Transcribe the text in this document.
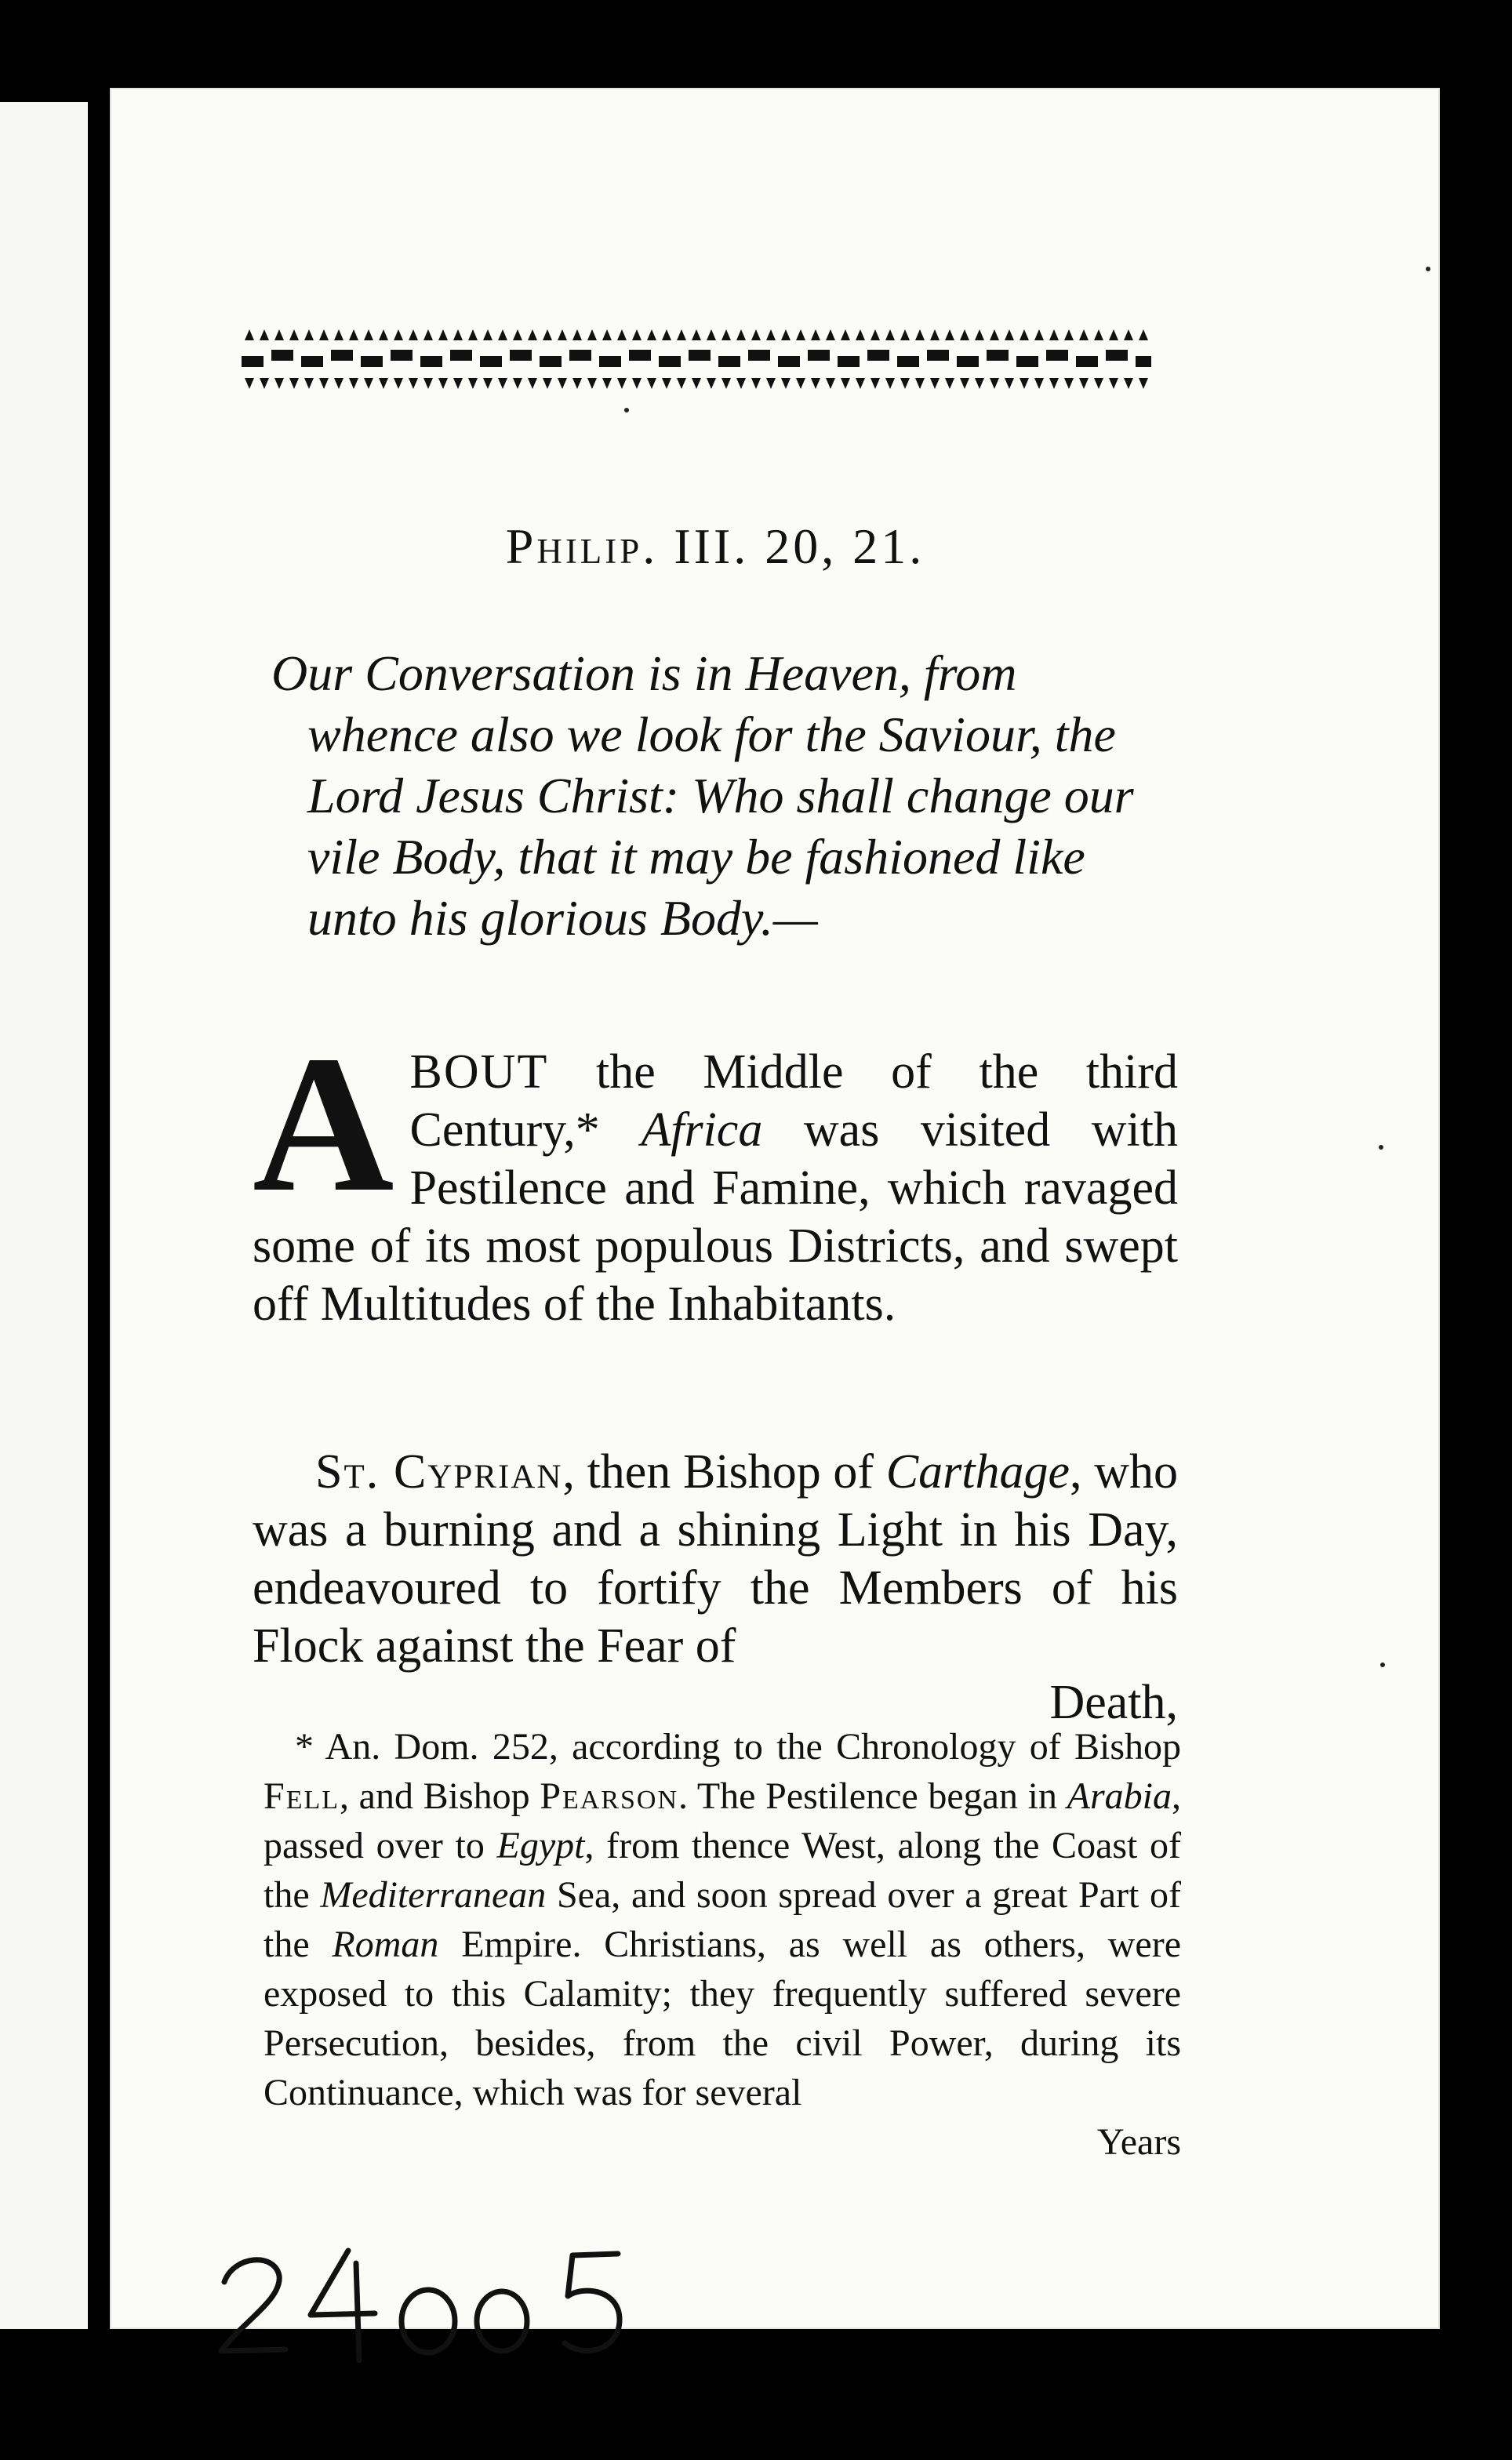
Philip. III. 20, 21.

Our Conversation is in Heaven, from whence also we look for the Saviour, the Lord Jesus Christ: Who shall change our vile Body, that it may be fashioned like unto his glorious Body.—

ABOUT the Middle of the third Century,* Africa was visited with Pestilence and Famine, which ravaged some of its most populous Districts, and swept off Multitudes of the Inhabitants.

St. Cyprian, then Bishop of Carthage, who was a burning and a shining Light in his Day, endeavoured to fortify the Members of his Flock against the Fear of

Death,

* An. Dom. 252, according to the Chronology of Bishop Fell, and Bishop Pearson. The Pestilence began in Arabia, passed over to Egypt, from thence West, along the Coast of the Mediterranean Sea, and soon spread over a great Part of the Roman Empire. Christians, as well as others, were exposed to this Calamity; they frequently suffered severe Persecution, besides, from the civil Power, during its Continuance, which was for several

Years
